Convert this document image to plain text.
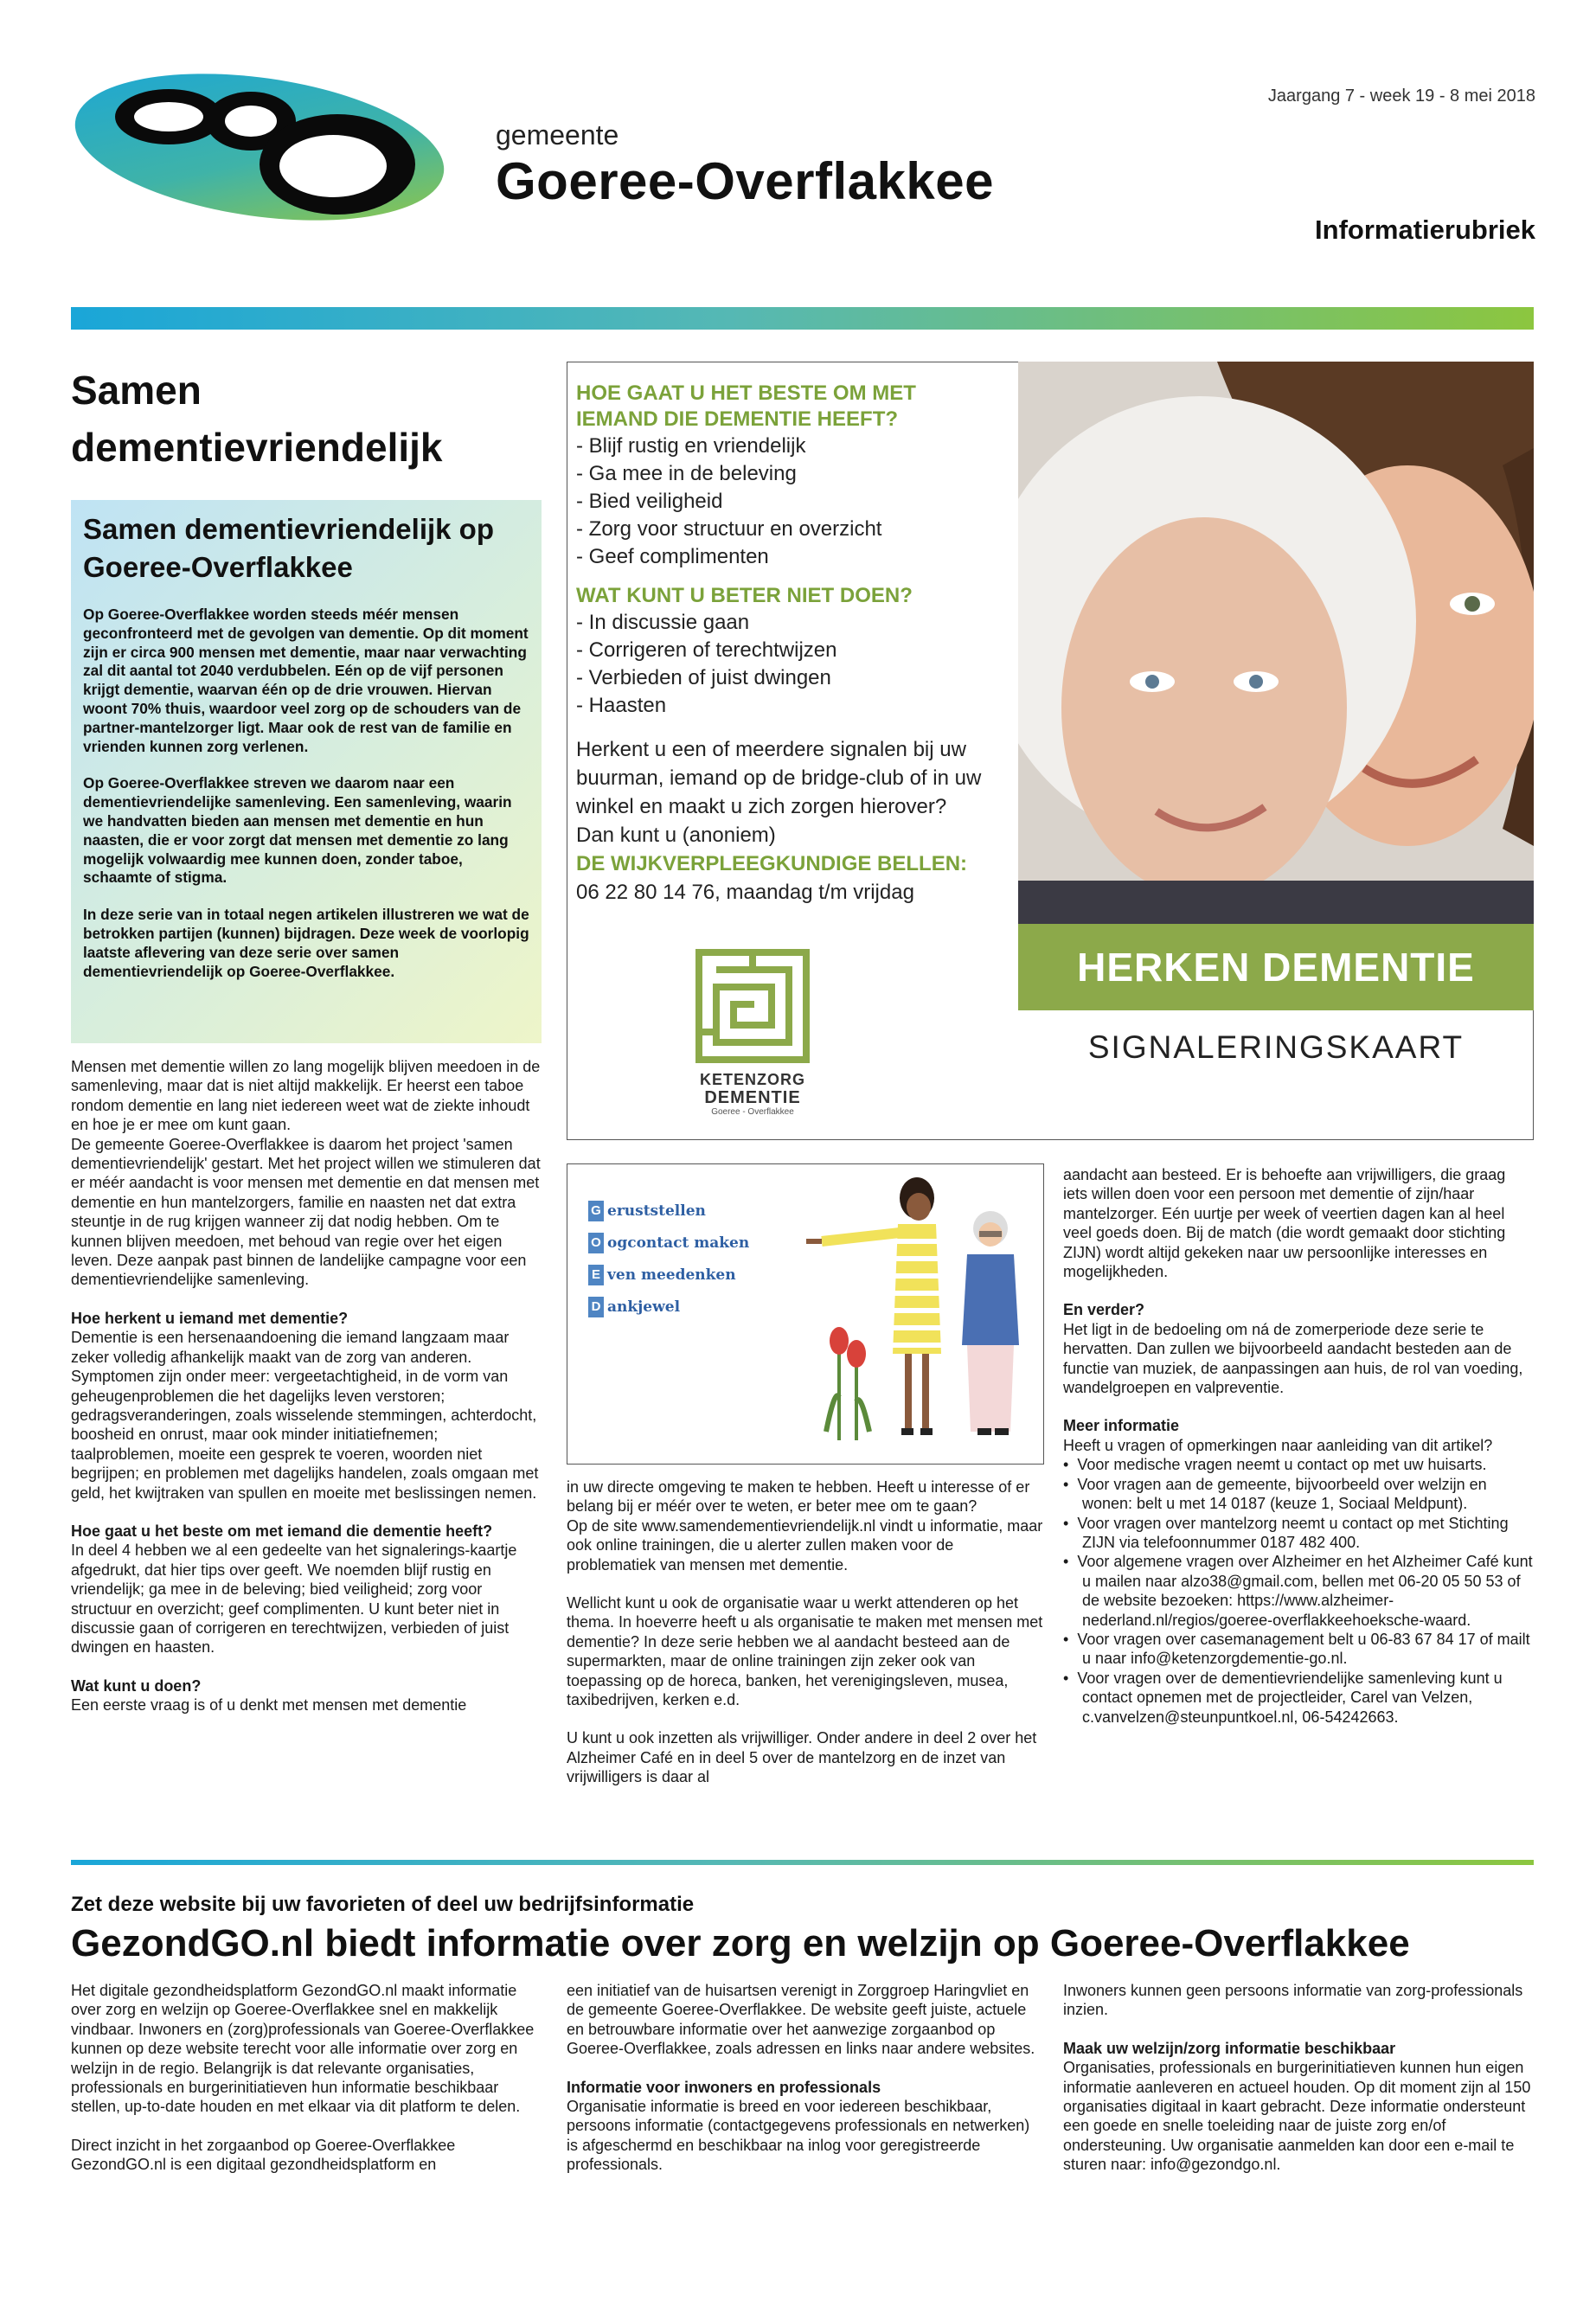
gemeente
Goeree-Overflakkee
Jaargang 7 - week 19 - 8 mei 2018
Informatierubriek
Samen dementievriendelijk
Samen dementievriendelijk op Goeree-Overflakkee

Op Goeree-Overflakkee worden steeds méér mensen geconfronteerd met de gevolgen van dementie. Op dit moment zijn er circa 900 mensen met dementie, maar naar verwachting zal dit aantal tot 2040 verdubbelen. Eén op de vijf personen krijgt dementie, waarvan één op de drie vrouwen. Hiervan woont 70% thuis, waardoor veel zorg op de schouders van de partner-mantelzorger ligt. Maar ook de rest van de familie en vrienden kunnen zorg verlenen.

Op Goeree-Overflakkee streven we daarom naar een dementievriendelijke samenleving. Een samenleving, waarin we handvatten bieden aan mensen met dementie en hun naasten, die er voor zorgt dat mensen met dementie zo lang mogelijk volwaardig mee kunnen doen, zonder taboe, schaamte of stigma.

In deze serie van in totaal negen artikelen illustreren we wat de betrokken partijen (kunnen) bijdragen. Deze week de voorlopig laatste aflevering van deze serie over samen dementievriendelijk op Goeree-Overflakkee.

Mensen met dementie willen zo lang mogelijk blijven meedoen in de samenleving, maar dat is niet altijd makkelijk. Er heerst een taboe rondom dementie en lang niet iedereen weet wat de ziekte inhoudt en hoe je er mee om kunt gaan.

De gemeente Goeree-Overflakkee is daarom het project 'samen dementievriendelijk' gestart. Met het project willen we stimuleren dat er méér aandacht is voor mensen met dementie en dat mensen met dementie en hun mantelzorgers, familie en naasten net dat extra steuntje in de rug krijgen wanneer zij dat nodig hebben. Om te kunnen blijven meedoen, met behoud van regie over het eigen leven. Deze aanpak past binnen de landelijke campagne voor een dementievriendelijke samenleving.

Hoe herkent u iemand met dementie?

Dementie is een hersenaandoening die iemand langzaam maar zeker volledig afhankelijk maakt van de zorg van anderen. Symptomen zijn onder meer: vergeetachtigheid, in de vorm van geheugenproblemen die het dagelijks leven verstoren; gedragsveranderingen, zoals wisselende stemmingen, achterdocht, boosheid en onrust, maar ook minder initiatiefnemen; taalproblemen, moeite een gesprek te voeren, woorden niet begrijpen; en problemen met dagelijks handelen, zoals omgaan met geld, het kwijtraken van spullen en moeite met beslissingen nemen.

Hoe gaat u het beste om met iemand die dementie heeft?

In deel 4 hebben we al een gedeelte van het signalerings-kaartje afgedrukt, dat hier tips over geeft. We noemden blijf rustig en vriendelijk; ga mee in de beleving; bied veiligheid; zorg voor structuur en overzicht; geef complimenten. U kunt beter niet in discussie gaan of corrigeren en terechtwijzen, verbieden of juist dwingen en haasten.

Wat kunt u doen?

Een eerste vraag is of u denkt met mensen met dementie

HOE GAAT U HET BESTE OM MET IEMAND DIE DEMENTIE HEEFT?
- Blijf rustig en vriendelijk
- Ga mee in de beleving
- Bied veiligheid
- Zorg voor structuur en overzicht
- Geef complimenten
WAT KUNT U BETER NIET DOEN?
- In discussie gaan
- Corrigeren of terechtwijzen
- Verbieden of juist dwingen
- Haasten

Herkent u een of meerdere signalen bij uw buurman, iemand op de bridge-club of in uw winkel en maakt u zich zorgen hierover? Dan kunt u (anoniem)

DE WIJKVERPLEEGKUNDIGE BELLEN:

06 22 80 14 76, maandag t/m vrijdag

KETENZORG
DEMENTIE
Goeree - Overflakkee
HERKEN DEMENTIE
SIGNALERINGSKAART
G eruststellen
O ogcontact maken
E ven meedenken
D ankjewel

in uw directe omgeving te maken te hebben. Heeft u interesse of er belang bij er méér over te weten, er beter mee om te gaan?

Op de site www.samendementievriendelijk.nl vindt u informatie, maar ook online trainingen, die u alerter zullen maken voor de problematiek van mensen met dementie.

Wellicht kunt u ook de organisatie waar u werkt attenderen op het thema. In hoeverre heeft u als organisatie te maken met mensen met dementie? In deze serie hebben we al aandacht besteed aan de supermarkten, maar de online trainingen zijn zeker ook van toepassing op de horeca, banken, het verenigingsleven, musea, taxibedrijven, kerken e.d.

U kunt u ook inzetten als vrijwilliger. Onder andere in deel 2 over het Alzheimer Café en in deel 5 over de mantelzorg en de inzet van vrijwilligers is daar al

aandacht aan besteed. Er is behoefte aan vrijwilligers, die graag iets willen doen voor een persoon met dementie of zijn/haar mantelzorger. Eén uurtje per week of veertien dagen kan al heel veel goeds doen. Bij de match (die wordt gemaakt door stichting ZIJN) wordt altijd gekeken naar uw persoonlijke interesses en mogelijkheden.

En verder?

Het ligt in de bedoeling om ná de zomerperiode deze serie te hervatten. Dan zullen we bijvoorbeeld aandacht besteden aan de functie van muziek, de aanpassingen aan huis, de rol van voeding, wandelgroepen en valpreventie.

Meer informatie

Heeft u vragen of opmerkingen naar aanleiding van dit artikel?

•  Voor medische vragen neemt u contact op met uw huisarts.
•  Voor vragen aan de gemeente, bijvoorbeeld over welzijn en wonen: belt u met 14 0187 (keuze 1, Sociaal Meldpunt).
•  Voor vragen over mantelzorg neemt u contact op met Stichting ZIJN via telefoonnummer 0187 482 400.
•  Voor algemene vragen over Alzheimer en het Alzheimer Café kunt u mailen naar alzo38@gmail.com, bellen met 06-20 05 50 53 of de website bezoeken: https://www.alzheimer-nederland.nl/regios/goeree-overflakkeehoeksche-waard.
•  Voor vragen over casemanagement belt u 06-83 67 84 17 of mailt u naar info@ketenzorgdementie-go.nl.
•  Voor vragen over de dementievriendelijke samenleving kunt u contact opnemen met de projectleider, Carel van Velzen, c.vanvelzen@steunpuntkoel.nl, 06-54242663.
Zet deze website bij uw favorieten of deel uw bedrijfsinformatie
GezondGO.nl biedt informatie over zorg en welzijn op Goeree-Overflakkee

Het digitale gezondheidsplatform GezondGO.nl maakt informatie over zorg en welzijn op Goeree-Overflakkee snel en makkelijk vindbaar. Inwoners en (zorg)professionals van Goeree-Overflakkee kunnen op deze website terecht voor alle informatie over zorg en welzijn in de regio. Belangrijk is dat relevante organisaties, professionals en burgerinitiatieven hun informatie beschikbaar stellen, up-to-date houden en met elkaar via dit platform te delen.

Direct inzicht in het zorgaanbod op Goeree-Overflakkee GezondGO.nl is een digitaal gezondheidsplatform en

een initiatief van de huisartsen verenigt in Zorggroep Haringvliet en de gemeente Goeree-Overflakkee. De website geeft juiste, actuele en betrouwbare informatie over het aanwezige zorgaanbod op Goeree-Overflakkee, zoals adressen en links naar andere websites.

Informatie voor inwoners en professionals

Organisatie informatie is breed en voor iedereen beschikbaar, persoons informatie (contactgegevens professionals en netwerken) is afgeschermd en beschikbaar na inlog voor geregistreerde professionals.

Inwoners kunnen geen persoons informatie van zorg-professionals inzien.

Maak uw welzijn/zorg informatie beschikbaar

Organisaties, professionals en burgerinitiatieven kunnen hun eigen informatie aanleveren en actueel houden. Op dit moment zijn al 150 organisaties digitaal in kaart gebracht. Deze informatie ondersteunt een goede en snelle toeleiding naar de juiste zorg en/of ondersteuning. Uw organisatie aanmelden kan door een e-mail te sturen naar: info@gezondgo.nl.
